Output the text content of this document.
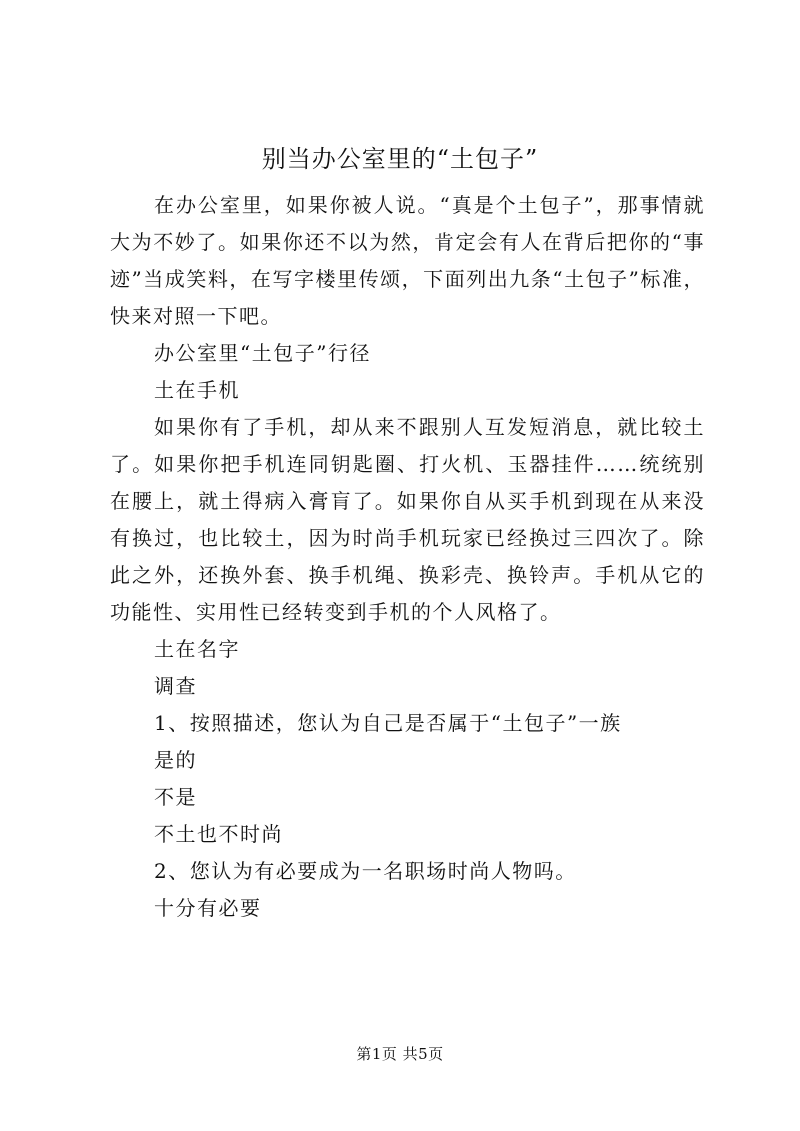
别当办公室里的“土包子”

在办公室里，如果你被人说。“真是个土包子”，那事情就大为不妙了。如果你还不以为然，肯定会有人在背后把你的“事迹”当成笑料，在写字楼里传颂，下面列出九条“土包子”标准，快来对照一下吧。

办公室里“土包子”行径

土在手机

如果你有了手机，却从来不跟别人互发短消息，就比较土了。如果你把手机连同钥匙圈、打火机、玉器挂件……统统别在腰上，就土得病入膏肓了。如果你自从买手机到现在从来没有换过，也比较土，因为时尚手机玩家已经换过三四次了。除此之外，还换外套、换手机绳、换彩壳、换铃声。手机从它的功能性、实用性已经转变到手机的个人风格了。

土在名字

调查

1、按照描述，您认为自己是否属于“土包子”一族

是的

不是

不土也不时尚

2、您认为有必要成为一名职场时尚人物吗。

十分有必要

第1页 共5页
